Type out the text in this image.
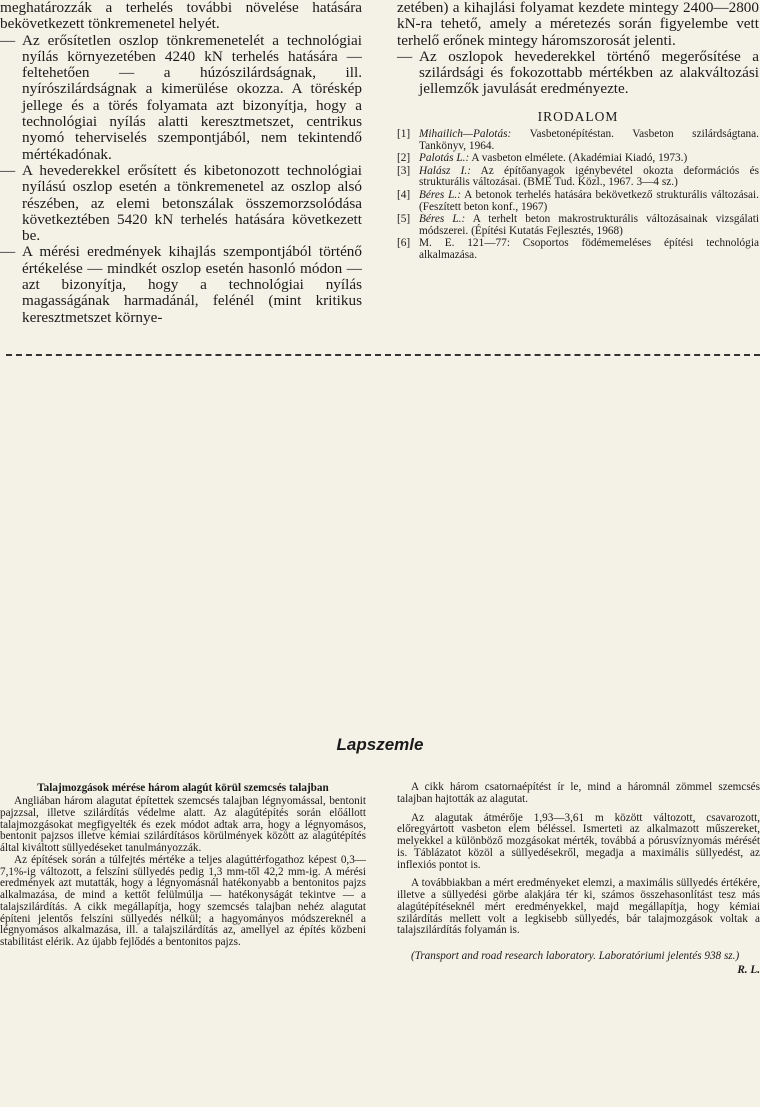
meghatározzák a terhelés további növelése hatására bekövetkezett tönkremenetel helyét.

— Az erősítetlen oszlop tönkremenetelét a technológiai nyílás környezetében 4240 kN terhelés hatására — feltehetően — a húzószilárdságnak, ill. nyírószilárdságnak a kimerülése okozza. A töréskép jellege és a törés folyamata azt bizonyítja, hogy a technológiai nyílás alatti keresztmetszet, centrikus nyomó teherviselés szempontjából, nem tekintendő mértékadónak.

— A hevederekkel erősített és kibetonozott technológiai nyílású oszlop esetén a tönkremenetel az oszlop alsó részében, az elemi betonszálak összemorzsolódása következtében 5420 kN terhelés hatására következett be.

— A mérési eredmények kihajlás szempontjából történő értékelése — mindkét oszlop esetén hasonló módon — azt bizonyítja, hogy a technológiai nyílás magasságának harmadánál, felénél (mint kritikus keresztmetszet környe-

zetében) a kihajlási folyamat kezdete mintegy 2400—2800 kN-ra tehető, amely a méretezés során figyelembe vett terhelő erőnek mintegy háromszorosát jelenti.

— Az oszlopok hevederekkel történő megerősítése a szilárdsági és fokozottabb mértékben az alakváltozási jellemzők javulását eredményezte.

IRODALOM

[1] Mihailich—Palotás: Vasbetonépítéstan. Vasbeton szilárdságtana. Tankönyv, 1964.
[2] Palotás L.: A vasbeton elmélete. (Akadémiai Kiadó, 1973.)
[3] Halász I.: Az építőanyagok igénybevétel okozta deformációs és strukturális változásai. (BME Tud. Közl., 1967. 3—4 sz.)
[4] Béres L.: A betonok terhelés hatására bekövetkező strukturális változásai. (Feszített beton konf., 1967)
[5] Béres L.: A terhelt beton makrostrukturális változásainak vizsgálati módszerei. (Építési Kutatás Fejlesztés, 1968)
[6] M. E. 121—77: Csoportos födémemeléses építési technológia alkalmazása.
Lapszemle

Talajmozgások mérése három alagút körül szemcsés talajban

Angliában három alagutat építettek szemcsés talajban légnyomással, bentonit pajzzsal, illetve szilárdítás védelme alatt. Az alagútépítés során előállott talajmozgásokat megfigyelték és ezek módot adtak arra, hogy a légnyomásos, bentonit pajzsos illetve kémiai szilárdításos körülmények között az alagútépítés által kiváltott süllyedéseket tanulmányozzák.

Az építések során a túlfejtés mértéke a teljes alagúttérfogathoz képest 0,3—7,1%-ig változott, a felszíni süllyedés pedig 1,3 mm-től 42,2 mm-ig. A mérési eredmények azt mutatták, hogy a légnyomásnál hatékonyabb a bentonitos pajzs alkalmazása, de mind a kettőt felülmúlja — hatékonyságát tekintve — a talajszilárdítás. A cikk megállapítja, hogy szemcsés talajban nehéz alagutat építeni jelentős felszíni süllyedés nélkül; a hagyományos módszereknél a légnyomásos alkalmazása, ill. a talajszilárdítás az, amellyel az építés közbeni stabilitást elérik. Az újabb fejlődés a bentonitos pajzs.

A cikk három csatornaépítést ír le, mind a háromnál zömmel szemcsés talajban hajtották az alagutat.

Az alagutak átmérője 1,93—3,61 m között változott, csavarozott, előregyártott vasbeton elem béléssel. Ismerteti az alkalmazott műszereket, melyekkel a különböző mozgásokat mérték, továbbá a pórusvíznyomás mérését is. Táblázatot közöl a süllyedésekről, megadja a maximális süllyedést, az inflexiós pontot is.

A továbbiakban a mért eredményeket elemzi, a maximális süllyedés értékére, illetve a süllyedési görbe alakjára tér ki, számos összehasonlítást tesz más alagútépítéseknél mért eredményekkel, majd megállapítja, hogy kémiai szilárdítás mellett volt a legkisebb süllyedés, bár talajmozgások voltak a talajszilárdítás folyamán is.

(Transport and road research laboratory. Laboratóriumi jelentés 938 sz.)

R. L.
